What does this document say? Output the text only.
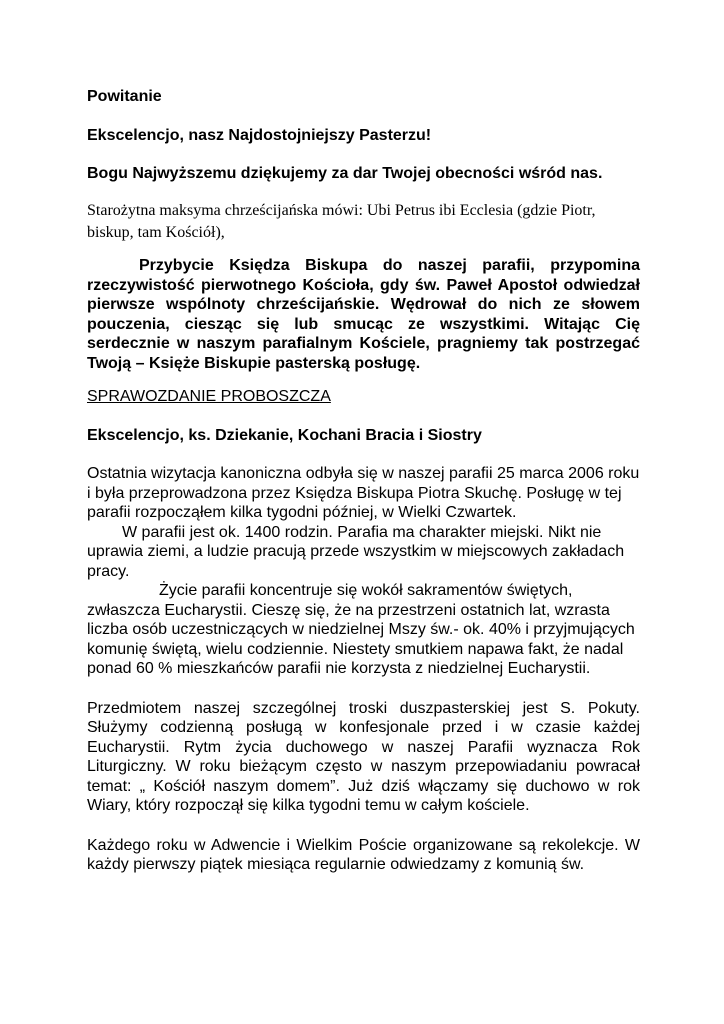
Powitanie

Ekscelencjo, nasz Najdostojniejszy Pasterzu!

Bogu Najwyższemu dziękujemy za dar Twojej obecności wśród nas.

Starożytna maksyma chrześcijańska mówi: Ubi Petrus ibi Ecclesia (gdzie Piotr, biskup, tam Kościół),

Przybycie Księdza Biskupa do naszej parafii, przypomina rzeczywistość pierwotnego Kościoła, gdy św. Paweł Apostoł odwiedzał pierwsze wspólnoty chrześcijańskie. Wędrował do nich ze słowem pouczenia, ciesząc się lub smucąc ze wszystkimi. Witając Cię serdecznie w naszym parafialnym Kościele, pragniemy tak postrzegać Twoją – Księże Biskupie pasterską posługę.

SPRAWOZDANIE PROBOSZCZA

Ekscelencjo, ks. Dziekanie, Kochani Bracia i Siostry

Ostatnia wizytacja kanoniczna odbyła się w naszej parafii 25 marca 2006 roku i była przeprowadzona przez Księdza Biskupa Piotra Skuchę. Posługę w tej parafii rozpocząłem kilka tygodni później, w Wielki Czwartek.

W parafii jest ok. 1400 rodzin. Parafia ma charakter miejski. Nikt nie uprawia ziemi, a ludzie pracują przede wszystkim w miejscowych zakładach pracy.

Życie parafii koncentruje się wokół sakramentów świętych, zwłaszcza Eucharystii. Cieszę się, że na przestrzeni ostatnich lat, wzrasta liczba osób uczestniczących w niedzielnej Mszy św.- ok. 40% i przyjmujących komunię świętą, wielu codziennie. Niestety smutkiem napawa fakt, że nadal ponad 60 % mieszkańców parafii nie korzysta z niedzielnej Eucharystii.

Przedmiotem naszej szczególnej troski duszpasterskiej jest S. Pokuty. Służymy codzienną posługą w konfesjonale przed i w czasie każdej Eucharystii. Rytm życia duchowego w naszej Parafii wyznacza Rok Liturgiczny. W roku bieżącym często w naszym przepowiadaniu powracał temat: „ Kościół naszym domem”. Już dziś włączamy się duchowo w rok Wiary, który rozpoczął się kilka tygodni temu w całym kościele.

Każdego roku w Adwencie i Wielkim Poście organizowane są rekolekcje. W każdy pierwszy piątek miesiąca regularnie odwiedzamy z komunią św.
